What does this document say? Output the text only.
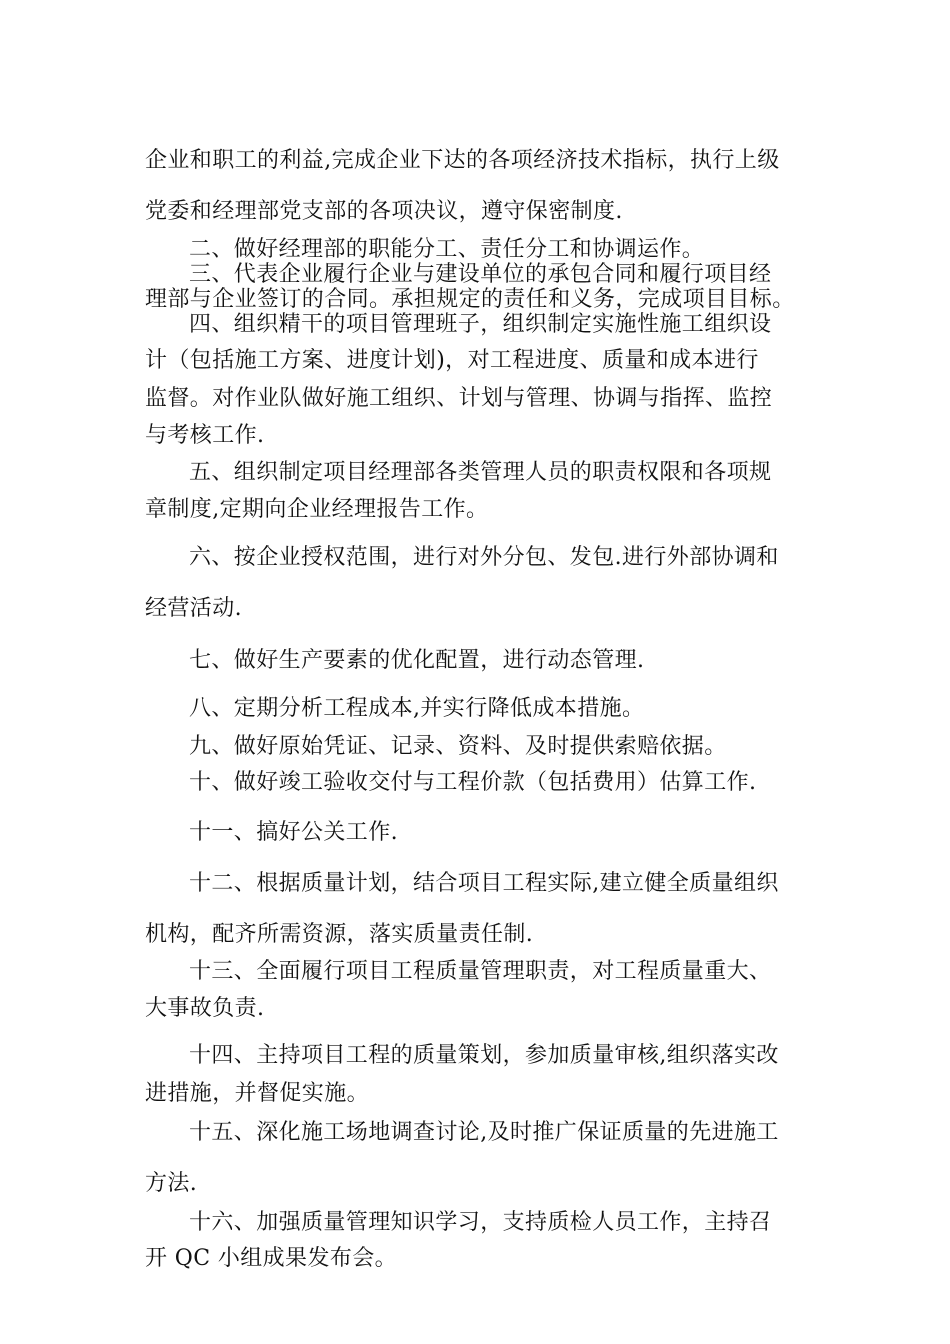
企业和职工的利益,完成企业下达的各项经济技术指标，执行上级
党委和经理部党支部的各项决议，遵守保密制度.
二、做好经理部的职能分工、责任分工和协调运作。
三、代表企业履行企业与建设单位的承包合同和履行项目经
理部与企业签订的合同。承担规定的责任和义务，完成项目目标。
四、组织精干的项目管理班子，组织制定实施性施工组织设
计（包括施工方案、进度计划)，对工程进度、质量和成本进行
监督。对作业队做好施工组织、计划与管理、协调与指挥、监控
与考核工作.
五、组织制定项目经理部各类管理人员的职责权限和各项规
章制度,定期向企业经理报告工作。
六、按企业授权范围，进行对外分包、发包.进行外部协调和
经营活动.
七、做好生产要素的优化配置，进行动态管理.
八、定期分析工程成本,并实行降低成本措施。
九、做好原始凭证、记录、资料、及时提供索赔依据。
十、做好竣工验收交付与工程价款（包括费用）估算工作.
十一、搞好公关工作.
十二、根据质量计划，结合项目工程实际,建立健全质量组织
机构，配齐所需资源，落实质量责任制.
十三、全面履行项目工程质量管理职责，对工程质量重大、
大事故负责.
十四、主持项目工程的质量策划，参加质量审核,组织落实改
进措施，并督促实施。
十五、深化施工场地调查讨论,及时推广保证质量的先进施工
方法.
十六、加强质量管理知识学习，支持质检人员工作，主持召
开 QC 小组成果发布会。
